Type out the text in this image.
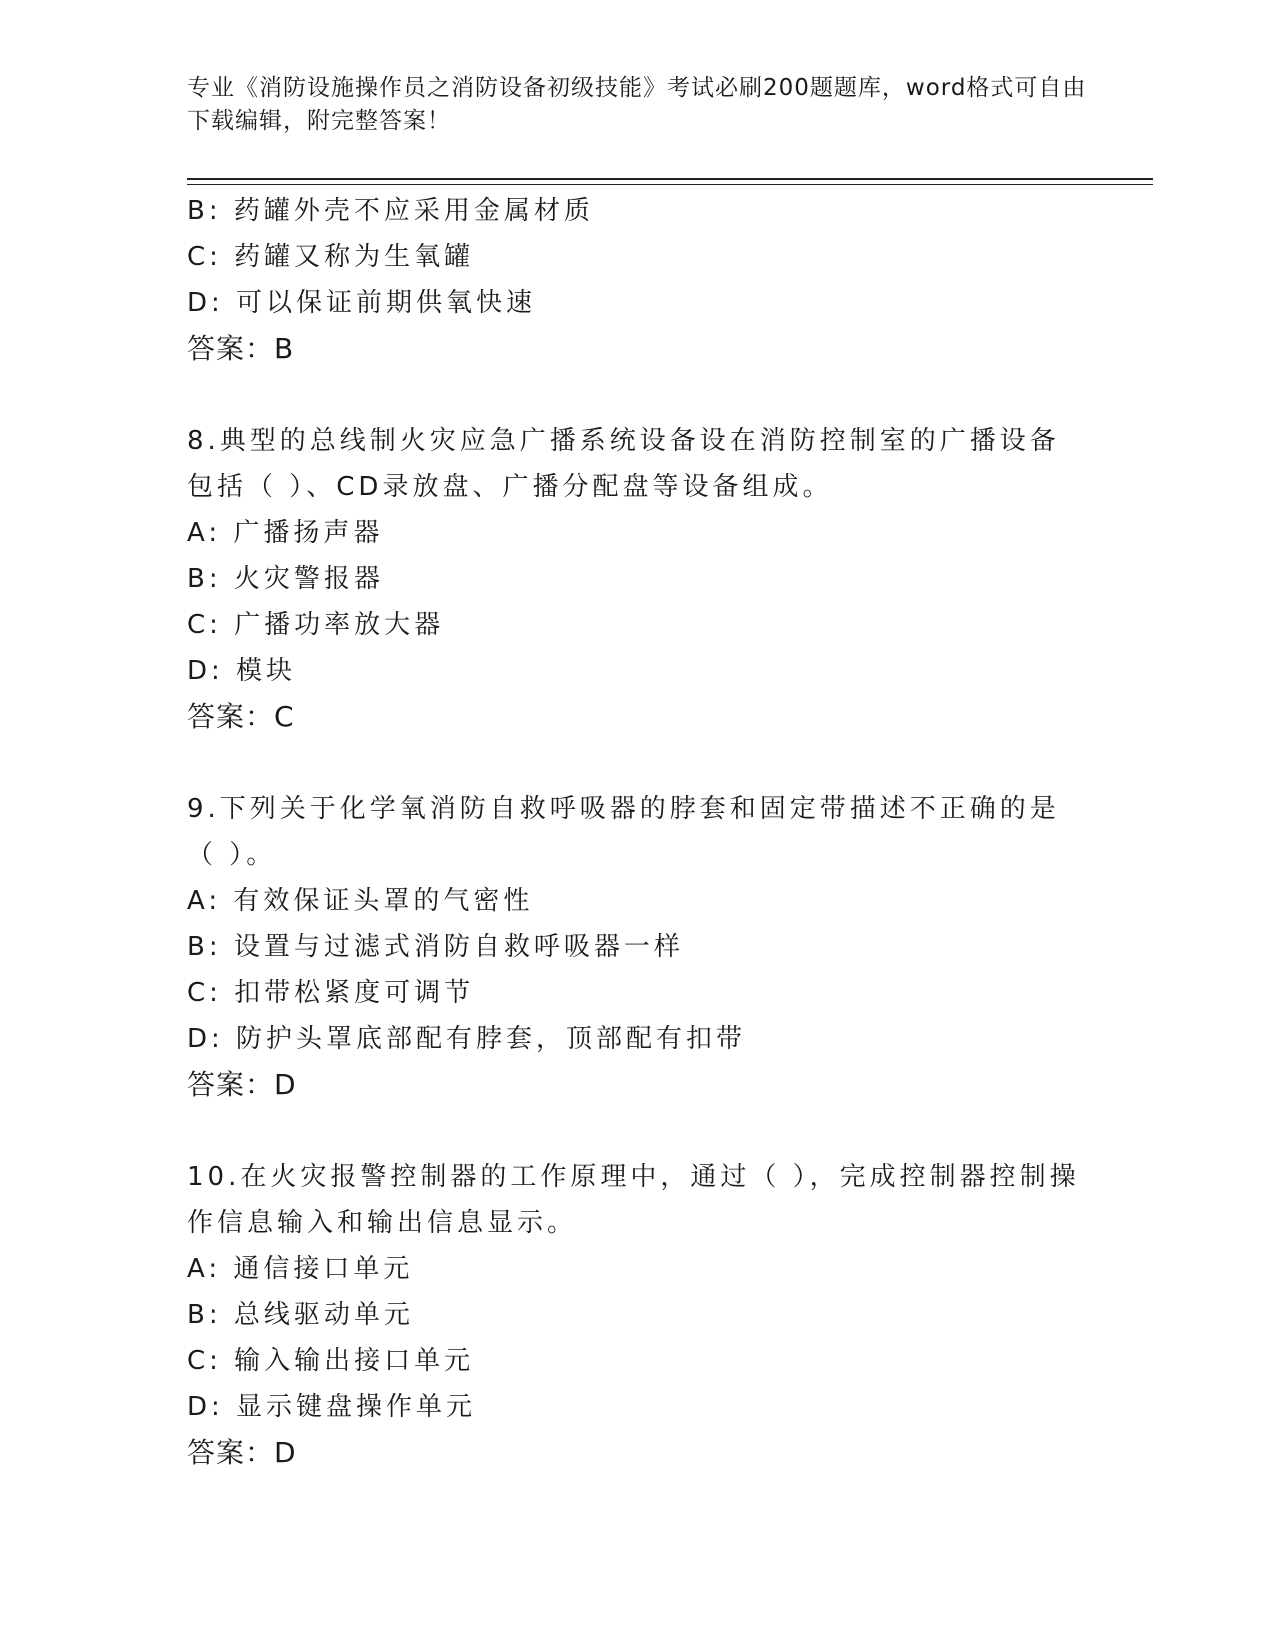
专业《消防设施操作员之消防设备初级技能》考试必刷200题题库，word格式可自由下载编辑，附完整答案！
B: 药罐外壳不应采用金属材质
C: 药罐又称为生氧罐
D: 可以保证前期供氧快速
答案：B
8.典型的总线制火灾应急广播系统设备设在消防控制室的广播设备包括（ ）、CD录放盘、广播分配盘等设备组成。
A: 广播扬声器
B: 火灾警报器
C: 广播功率放大器
D: 模块
答案：C
9.下列关于化学氧消防自救呼吸器的脖套和固定带描述不正确的是（ ）。
A: 有效保证头罩的气密性
B: 设置与过滤式消防自救呼吸器一样
C: 扣带松紧度可调节
D: 防护头罩底部配有脖套，顶部配有扣带
答案：D
10.在火灾报警控制器的工作原理中，通过（ ），完成控制器控制操作信息输入和输出信息显示。
A: 通信接口单元
B: 总线驱动单元
C: 输入输出接口单元
D: 显示键盘操作单元
答案：D
